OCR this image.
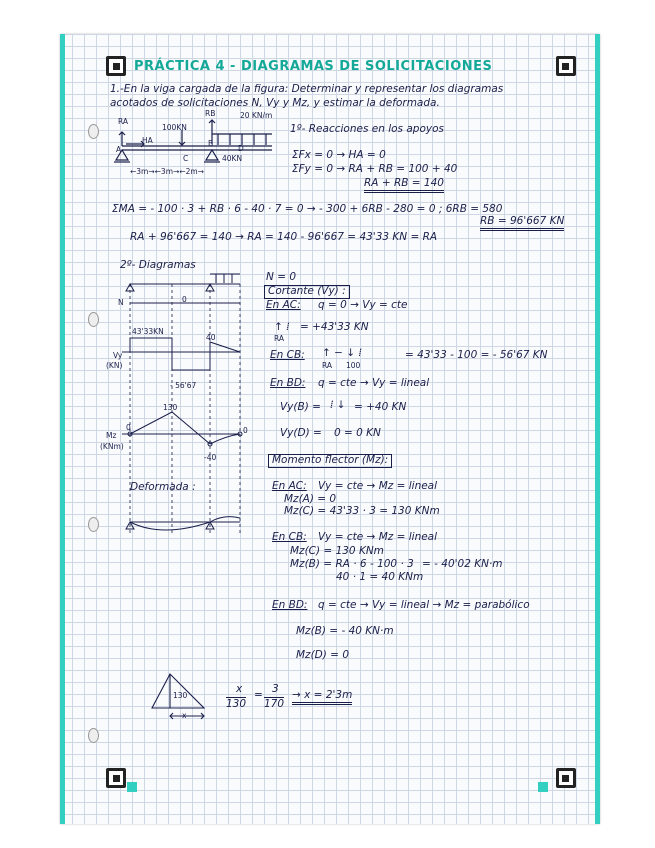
PRÁCTICA 4 - DIAGRAMAS DE SOLICITACIONES
1.-En la viga cargada de la figura: Determinar y representar los diagramas
acotados de solicitaciones N, Vy y Mz, y estimar la deformada.
RA
RB
HA
100KN
20 KN/m
A
C
B
D
40KN
←3m→←3m→←2m→
1º- Reacciones en los apoyos
ΣFx = 0 → HA = 0
ΣFy = 0 → RA + RB = 100 + 40
RA + RB = 140
ΣMA = - 100 · 3 + RB · 6 - 40 · 7 = 0 → - 300 + 6RB - 280 = 0 ; 6RB = 580
RB = 96'667 KN
RA + 96'667 = 140 → RA = 140 - 96'667 = 43'33 KN = RA
2º- Diagramas
N	0
Vy
(KN)
43'33KN
40
- 56'67
Mz
(KNm)
130
0	0
-40
Deformada :
N = 0
Cortante (Vy) :
En AC: q = 0 → Vy = cte
↑ ⁞ = +43'33 KN
RA
En CB: ↑ − ↓ ⁞	= 43'33 - 100 = - 56'67 KN
RA 100
En BD: q = cte → Vy = lineal
Vy(B) = ⁞ ↓ = +40 KN
Vy(D) = 0 = 0 KN
Momento flector (Mz):
En AC: Vy = cte → Mz = lineal
Mz(A) = 0
Mz(C) = 43'33 · 3 = 130 KNm
En CB: Vy = cte → Mz = lineal
Mz(C) = 130 KNm
Mz(B) = RA · 6 - 100 · 3 = - 40'02 KN·m
40 · 1 = 40 KNm
En BD: q = cte → Vy = lineal → Mz = parabólico
Mz(B) = - 40 KN·m
Mz(D) = 0
130
x
x
130
= 3
170
→ x = 2'3m
